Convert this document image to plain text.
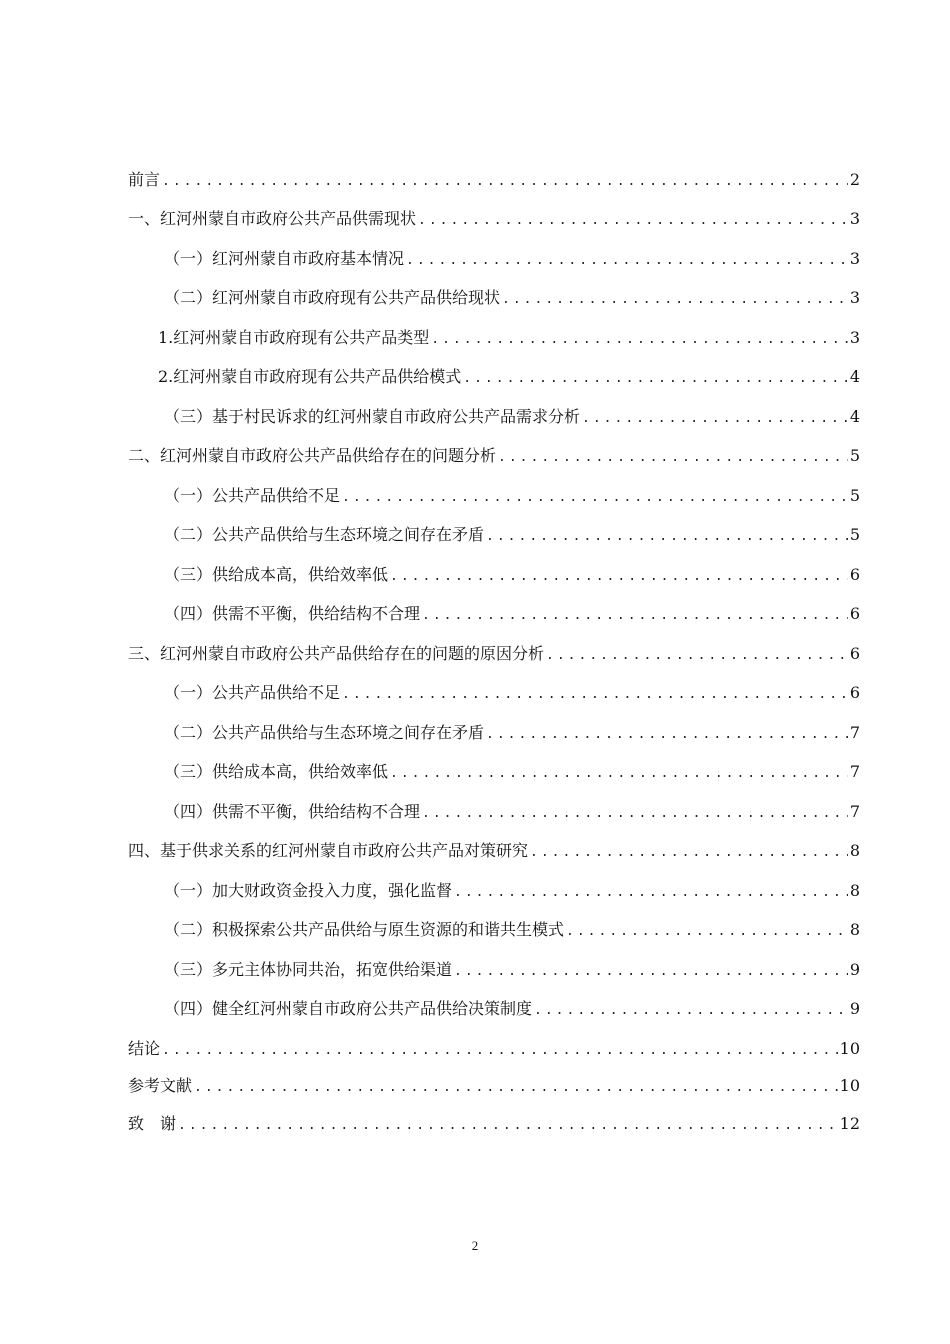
前言 .....	2
一、红河州蒙自市政府公共产品供需现状 .....	3
（一）红河州蒙自市政府基本情况 .....	3
（二）红河州蒙自市政府现有公共产品供给现状 .....	3
1.红河州蒙自市政府现有公共产品类型 .....	3
2.红河州蒙自市政府现有公共产品供给模式 .....	4
（三）基于村民诉求的红河州蒙自市政府公共产品需求分析 .....	4
二、红河州蒙自市政府公共产品供给存在的问题分析 .....	5
（一）公共产品供给不足 .....	5
（二）公共产品供给与生态环境之间存在矛盾 .....	5
（三）供给成本高，供给效率低 .....	6
（四）供需不平衡，供给结构不合理 .....	6
三、红河州蒙自市政府公共产品供给存在的问题的原因分析 .....	6
（一）公共产品供给不足 .....	6
（二）公共产品供给与生态环境之间存在矛盾 .....	7
（三）供给成本高，供给效率低 .....	7
（四）供需不平衡，供给结构不合理 .....	7
四、基于供求关系的红河州蒙自市政府公共产品对策研究 .....	8
（一）加大财政资金投入力度，强化监督 .....	8
（二）积极探索公共产品供给与原生资源的和谐共生模式 .....	8
（三）多元主体协同共治，拓宽供给渠道 .....	9
（四）健全红河州蒙自市政府公共产品供给决策制度 .....	9
结论 .....	10
参考文献 .....	10
致　谢 .....	12
2
